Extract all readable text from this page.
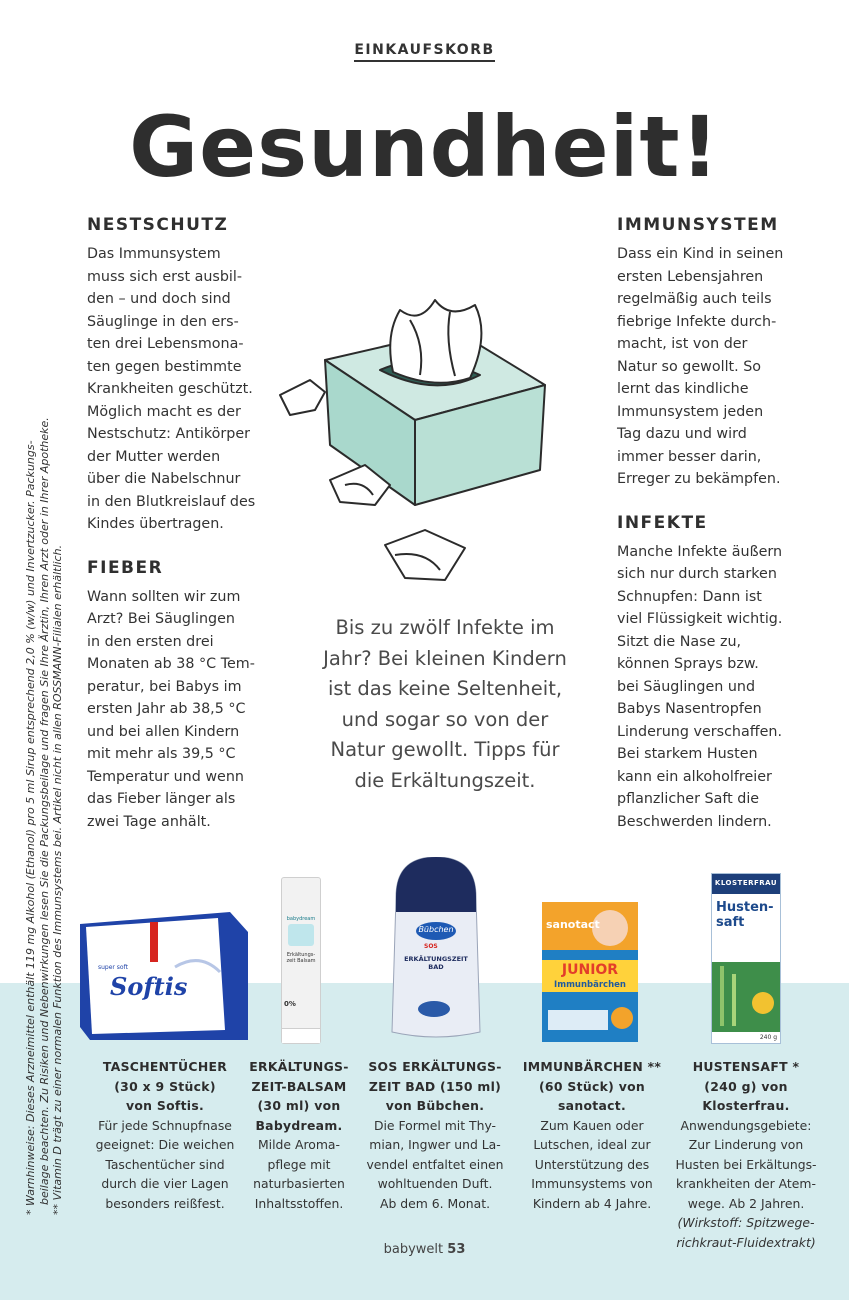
EINKAUFSKORB
Gesundheit!
NESTSCHUTZ
Das Immunsystem
muss sich erst ausbil-
den – und doch sind
Säuglinge in den ers-
ten drei Lebensmona-
ten gegen bestimmte
Krankheiten geschützt.
Möglich macht es der
Nestschutz: Antikörper
der Mutter werden
über die Nabelschnur
in den Blutkreislauf des
Kindes übertragen.
FIEBER
Wann sollten wir zum
Arzt? Bei Säuglingen
in den ersten drei
Monaten ab 38 °C Tem-
peratur, bei Babys im
ersten Jahr ab 38,5 °C
und bei allen Kindern
mit mehr als 39,5 °C
Temperatur und wenn
das Fieber länger als
zwei Tage anhält.
IMMUNSYSTEM
Dass ein Kind in seinen
ersten Lebensjahren
regelmäßig auch teils
fiebrige Infekte durch-
macht, ist von der
Natur so gewollt. So
lernt das kindliche
Immunsystem jeden
Tag dazu und wird
immer besser darin,
Erreger zu bekämpfen.
INFEKTE
Manche Infekte äußern
sich nur durch starken
Schnupfen: Dann ist
viel Flüssigkeit wichtig.
Sitzt die Nase zu,
können Sprays bzw.
bei Säuglingen und
Babys Nasentropfen
Linderung verschaffen.
Bei starkem Husten
kann ein alkoholfreier
pflanzlicher Saft die
Beschwerden lindern.
Bis zu zwölf Infekte im
Jahr? Bei kleinen Kindern
ist das keine Seltenheit,
und sogar so von der
Natur gewollt. Tipps für
die Erkältungszeit.
* Warnhinweise: Dieses Arzneimittel enthält 119 mg Alkohol (Ethanol) pro 5 ml Sirup entsprechend 2,0 % (w/w) und Invertzucker. Packungs- beilage beachten. Zu Risiken und Nebenwirkungen lesen Sie die Packungsbeilage und fragen Sie Ihre Ärztin, Ihren Arzt oder in Ihrer Apotheke. ** Vitamin D trägt zu einer normalen Funktion des Immunsystems bei. Artikel nicht in allen ROSSMANN-Filialen erhältlich. Softis
super soft
babydream
Erkältungs-zeit Balsam
0%
Bübchen
SOS
ERKÄLTUNGSZEIT BAD
sanotact
JUNIOR
Immunbärchen
KLOSTERFRAU
Husten-saft
240 g
TASCHENTÜCHER
(30 x 9 Stück)
von Softis.
Für jede Schnupfnase
geeignet: Die weichen
Taschentücher sind
durch die vier Lagen
besonders reißfest.
ERKÄLTUNGS-
ZEIT-BALSAM
(30 ml) von
Babydream.
Milde Aroma-
pflege mit
naturbasierten
Inhaltsstoffen.
SOS ERKÄLTUNGS-
ZEIT BAD (150 ml)
von Bübchen.
Die Formel mit Thy-
mian, Ingwer und La-
vendel entfaltet einen
wohltuenden Duft.
Ab dem 6. Monat.
IMMUNBÄRCHEN **
(60 Stück) von
sanotact.
Zum Kauen oder
Lutschen, ideal zur
Unterstützung des
Immunsystems von
Kindern ab 4 Jahre.
HUSTENSAFT *
(240 g) von
Klosterfrau.
Anwendungsgebiete:
Zur Linderung von
Husten bei Erkältungs-
krankheiten der Atem-
wege. Ab 2 Jahren.
(Wirkstoff: Spitzwege-
richkraut-Fluidextrakt)
babywelt 53
